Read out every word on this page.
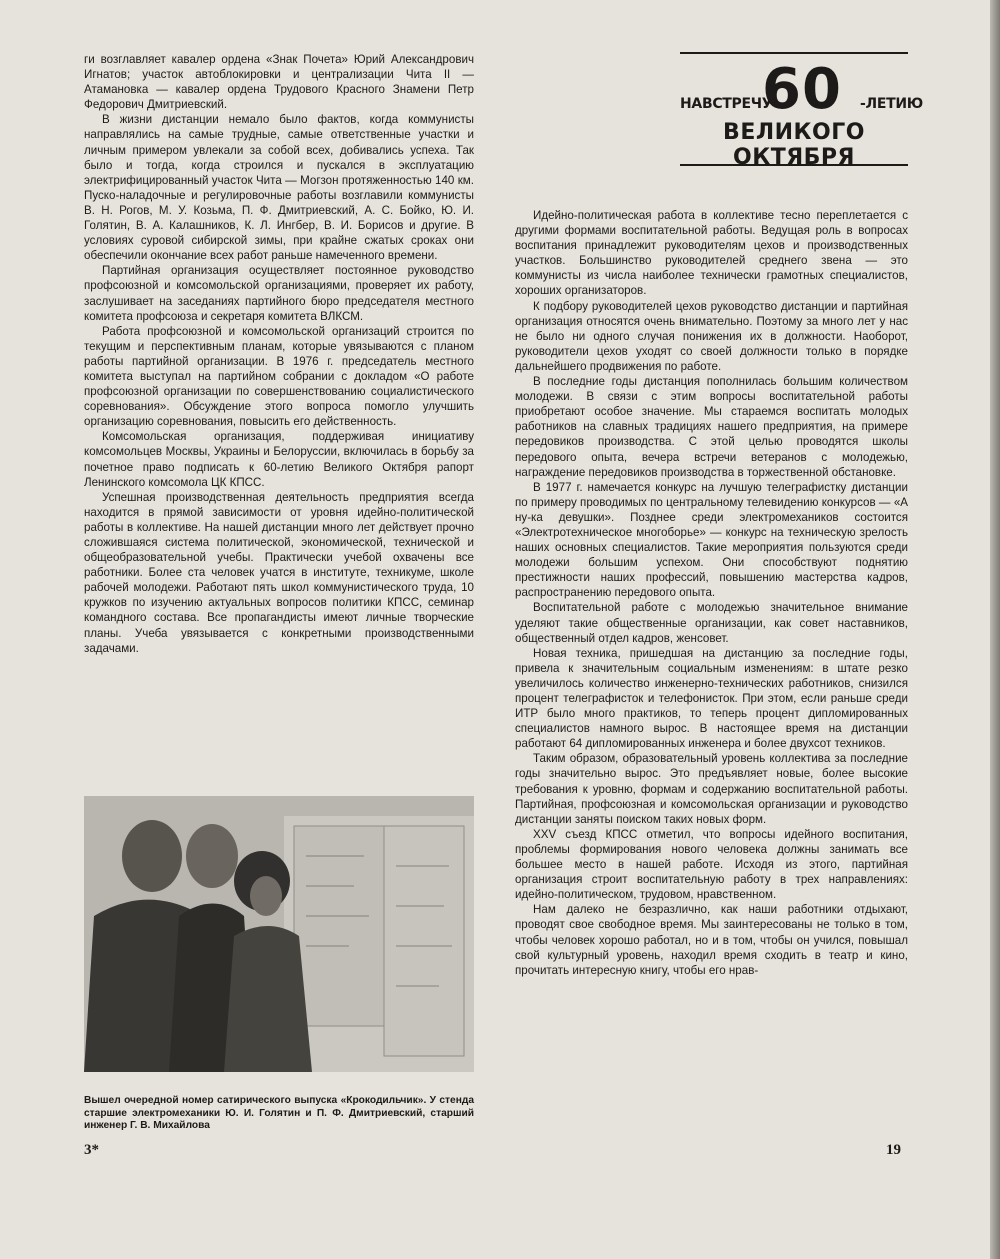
ги возглавляет кавалер ордена «Знак Почета» Юрий Александрович Игнатов; участок автоблокировки и централизации Чита II — Атамановка — кавалер ордена Трудового Красного Знамени Петр Федорович Дмитриевский.

В жизни дистанции немало было фактов, когда коммунисты направлялись на самые трудные, самые ответственные участки и личным примером увлекали за собой всех, добивались успеха. Так было и тогда, когда строился и пускался в эксплуатацию электрифицированный участок Чита — Могзон протяженностью 140 км. Пуско-наладочные и регулировочные работы возглавили коммунисты В. Н. Рогов, М. У. Козьма, П. Ф. Дмитриевский, А. С. Бойко, Ю. И. Голятин, В. А. Калашников, К. Л. Ингбер, В. И. Борисов и другие. В условиях суровой сибирской зимы, при крайне сжатых сроках они обеспечили окончание всех работ раньше намеченного времени.

Партийная организация осуществляет постоянное руководство профсоюзной и комсомольской организациями, проверяет их работу, заслушивает на заседаниях партийного бюро председателя местного комитета профсоюза и секретаря комитета ВЛКСМ.

Работа профсоюзной и комсомольской организаций строится по текущим и перспективным планам, которые увязываются с планом работы партийной организации. В 1976 г. председатель местного комитета выступал на партийном собрании с докладом «О работе профсоюзной организации по совершенствованию социалистического соревнования». Обсуждение этого вопроса помогло улучшить организацию соревнования, повысить его действенность.

Комсомольская организация, поддерживая инициативу комсомольцев Москвы, Украины и Белоруссии, включилась в борьбу за почетное право подписать к 60-летию Великого Октября рапорт Ленинского комсомола ЦК КПСС.

Успешная производственная деятельность предприятия всегда находится в прямой зависимости от уровня идейно-политической работы в коллективе. На нашей дистанции много лет действует прочно сложившаяся система политической, экономической, технической и общеобразовательной учебы. Практически учебой охвачены все работники. Более ста человек учатся в институте, техникуме, школе рабочей молодежи. Работают пять школ коммунистического труда, 10 кружков по изучению актуальных вопросов политики КПСС, семинар командного состава. Все пропагандисты имеют личные творческие планы. Учеба увязывается с конкретными производственными задачами.

НАВСТРЕЧУ
60 -ЛЕТИЮ
ВЕЛИКОГО ОКТЯБРЯ

Идейно-политическая работа в коллективе тесно переплетается с другими формами воспитательной работы. Ведущая роль в вопросах воспитания принадлежит руководителям цехов и производственных участков. Большинство руководителей среднего звена — это коммунисты из числа наиболее технически грамотных специалистов, хороших организаторов.

К подбору руководителей цехов руководство дистанции и партийная организация относятся очень внимательно. Поэтому за много лет у нас не было ни одного случая понижения их в должности. Наоборот, руководители цехов уходят со своей должности только в порядке дальнейшего продвижения по работе.

В последние годы дистанция пополнилась большим количеством молодежи. В связи с этим вопросы воспитательной работы приобретают особое значение. Мы стараемся воспитать молодых работников на славных традициях нашего предприятия, на примере передовиков производства. С этой целью проводятся школы передового опыта, вечера встречи ветеранов с молодежью, награждение передовиков производства в торжественной обстановке.

В 1977 г. намечается конкурс на лучшую телеграфистку дистанции по примеру проводимых по центральному телевидению конкурсов — «А ну-ка девушки». Позднее среди электромехаников состоится «Электротехническое многоборье» — конкурс на техническую зрелость наших основных специалистов. Такие мероприятия пользуются среди молодежи большим успехом. Они способствуют поднятию престижности наших профессий, повышению мастерства кадров, распространению передового опыта.

Воспитательной работе с молодежью значительное внимание уделяют такие общественные организации, как совет наставников, общественный отдел кадров, женсовет.

Новая техника, пришедшая на дистанцию за последние годы, привела к значительным социальным изменениям: в штате резко увеличилось количество инженерно-технических работников, снизился процент телеграфисток и телефонисток. При этом, если раньше среди ИТР было много практиков, то теперь процент дипломированных специалистов намного вырос. В настоящее время на дистанции работают 64 дипломированных инженера и более двухсот техников.

Таким образом, образовательный уровень коллектива за последние годы значительно вырос. Это предъявляет новые, более высокие требования к уровню, формам и содержанию воспитательной работы. Партийная, профсоюзная и комсомольская организации и руководство дистанции заняты поиском таких новых форм.

XXV съезд КПСС отметил, что вопросы идейного воспитания, проблемы формирования нового человека должны занимать все большее место в нашей работе. Исходя из этого, партийная организация строит воспитательную работу в трех направлениях: идейно-политическом, трудовом, нравственном.

Нам далеко не безразлично, как наши работники отдыхают, проводят свое свободное время. Мы заинтересованы не только в том, чтобы человек хорошо работал, но и в том, чтобы он учился, повышал свой культурный уровень, находил время сходить в театр и кино, прочитать интересную книгу, чтобы его нрав-

Вышел очередной номер сатирического выпуска «Крокодильчик». У стенда старшие электромеханики Ю. И. Голятин и П. Ф. Дмитриевский, старший инженер Г. В. Михайлова
3*	19
